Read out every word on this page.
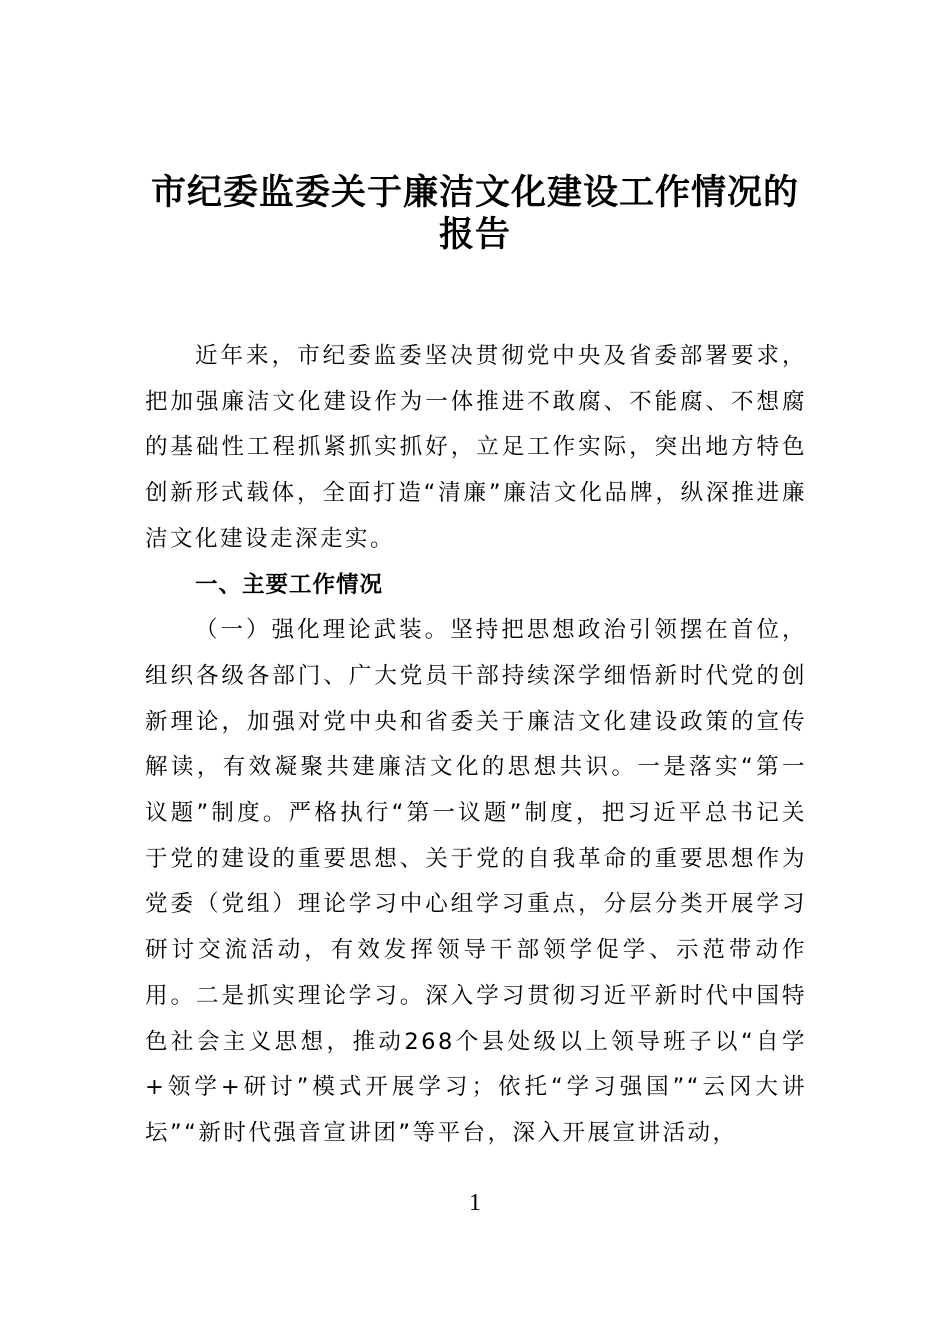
市纪委监委关于廉洁文化建设工作情况的
报告

近年来，市纪委监委坚决贯彻党中央及省委部署要求，把加强廉洁文化建设作为一体推进不敢腐、不能腐、不想腐的基础性工程抓紧抓实抓好，立足工作实际，突出地方特色创新形式载体，全面打造“清廉”廉洁文化品牌，纵深推进廉洁文化建设走深走实。

一、主要工作情况

（一）强化理论武装。坚持把思想政治引领摆在首位，组织各级各部门、广大党员干部持续深学细悟新时代党的创新理论，加强对党中央和省委关于廉洁文化建设政策的宣传解读，有效凝聚共建廉洁文化的思想共识。一是落实“第一议题”制度。严格执行“第一议题”制度，把习近平总书记关于党的建设的重要思想、关于党的自我革命的重要思想作为党委（党组）理论学习中心组学习重点，分层分类开展学习研讨交流活动，有效发挥领导干部领学促学、示范带动作用。二是抓实理论学习。深入学习贯彻习近平新时代中国特色社会主义思想，推动268个县处级以上领导班子以“自学+领学+研讨”模式开展学习；依托“学习强国”“云冈大讲坛”“新时代强音宣讲团”等平台，深入开展宣讲活动，

1
